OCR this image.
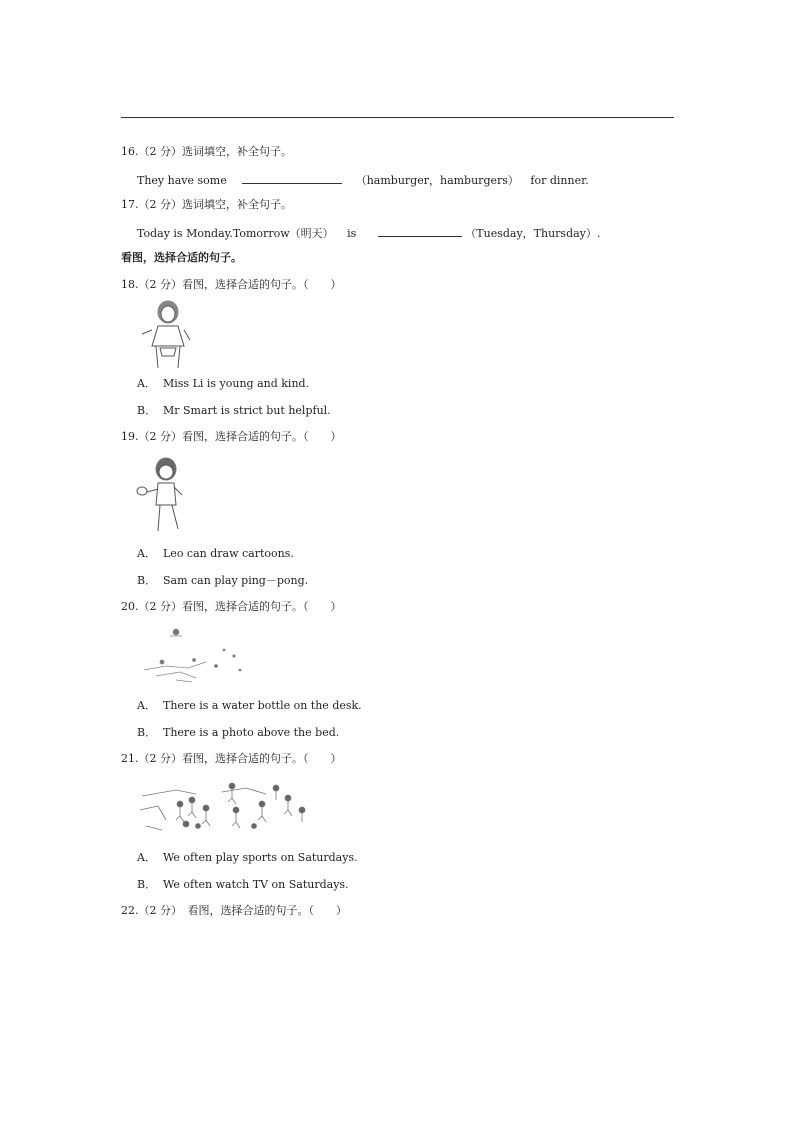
16.（2 分）选词填空，补全句子。
They have some	（hamburger，hamburgers） for dinner.
17.（2 分）选词填空，补全句子。
Today is Monday.Tomorrow（明天） is	（Tuesday，Thursday）.
看图，选择合适的句子。
18.（2 分）看图，选择合适的句子。（　　）
A． Miss Li is young and kind.
B． Mr Smart is strict but helpful.
19.（2 分）看图，选择合适的句子。（　　）
A． Leo can draw cartoons.
B． Sam can play ping－pong.
20.（2 分）看图，选择合适的句子。（　　）
A． There is a water bottle on the desk.
B． There is a photo above the bed.
21.（2 分）看图，选择合适的句子。（　　）
A． We often play sports on Saturdays.
B． We often watch TV on Saturdays.
22.（2 分）　看图，选择合适的句子。（　　）
